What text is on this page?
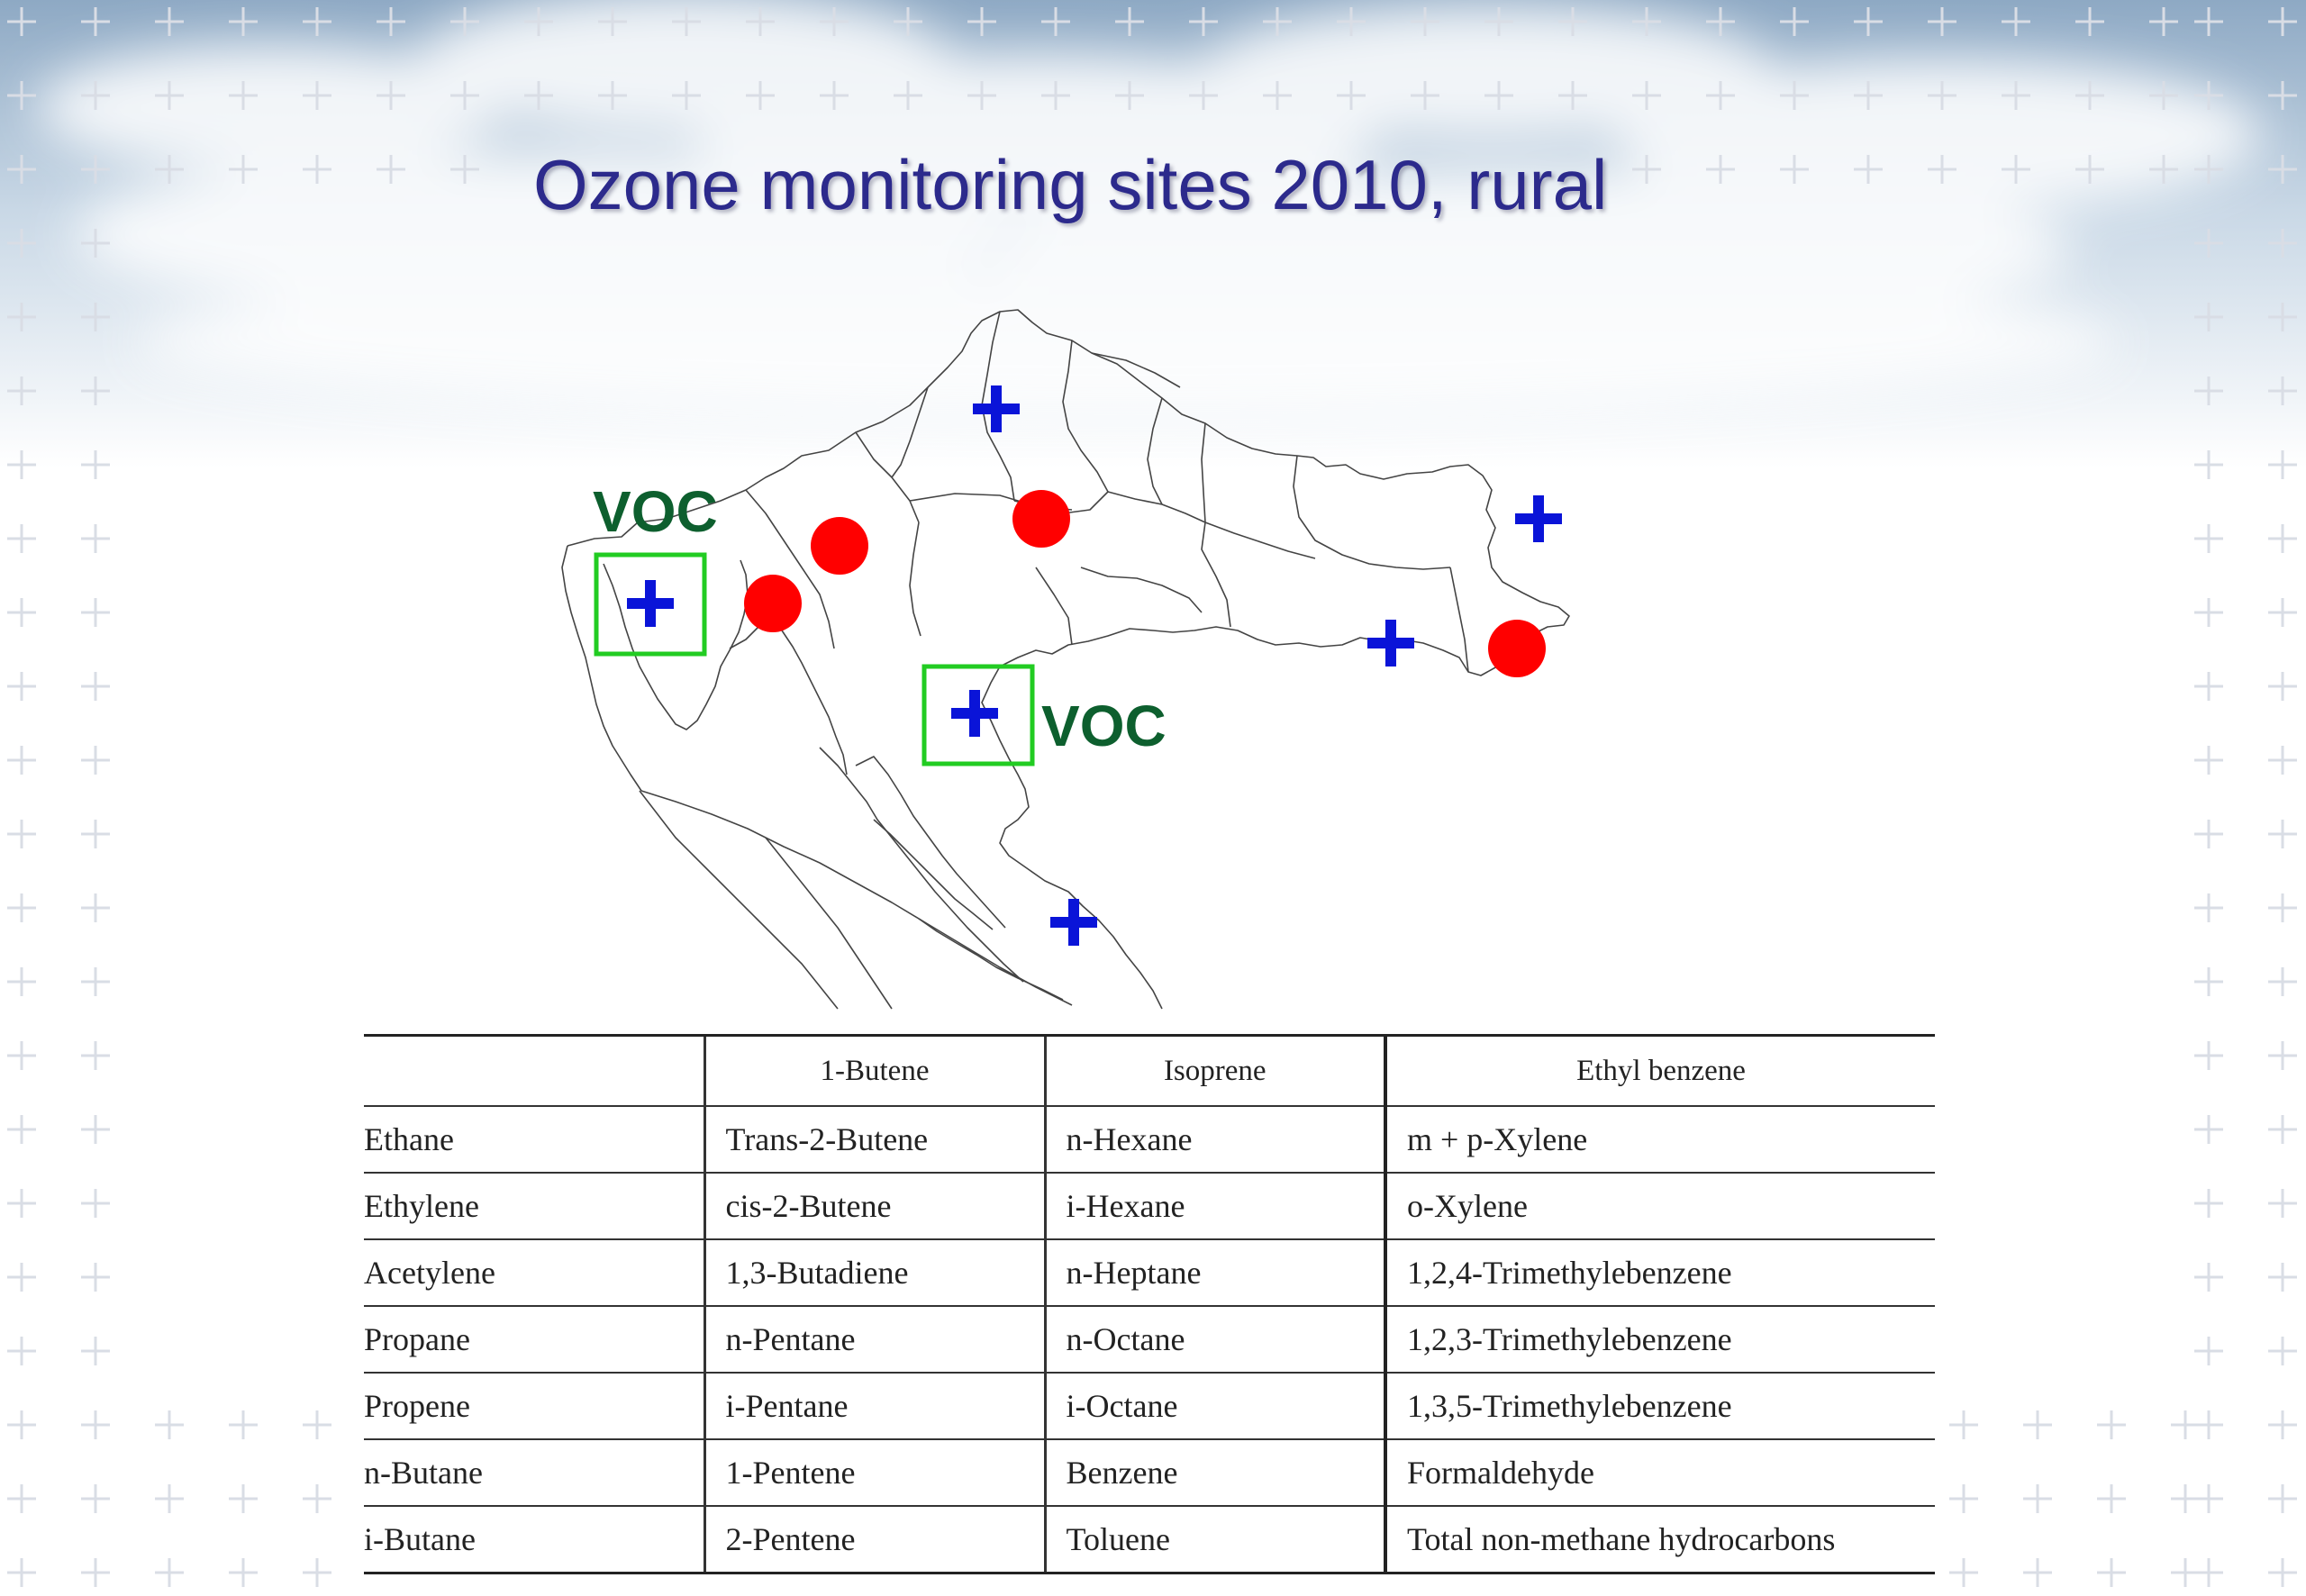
Ozone monitoring sites 2010, rural
VOC
VOC
	1-Butene	Isoprene	Ethyl benzene
Ethane	Trans-2-Butene	n-Hexane	m + p-Xylene
Ethylene	cis-2-Butene	i-Hexane	o-Xylene
Acetylene	1,3-Butadiene	n-Heptane	1,2,4-Trimethylebenzene
Propane	n-Pentane	n-Octane	1,2,3-Trimethylebenzene
Propene	i-Pentane	i-Octane	1,3,5-Trimethylebenzene
n-Butane	1-Pentene	Benzene	Formaldehyde
i-Butane	2-Pentene	Toluene	Total non-methane hydrocarbons
